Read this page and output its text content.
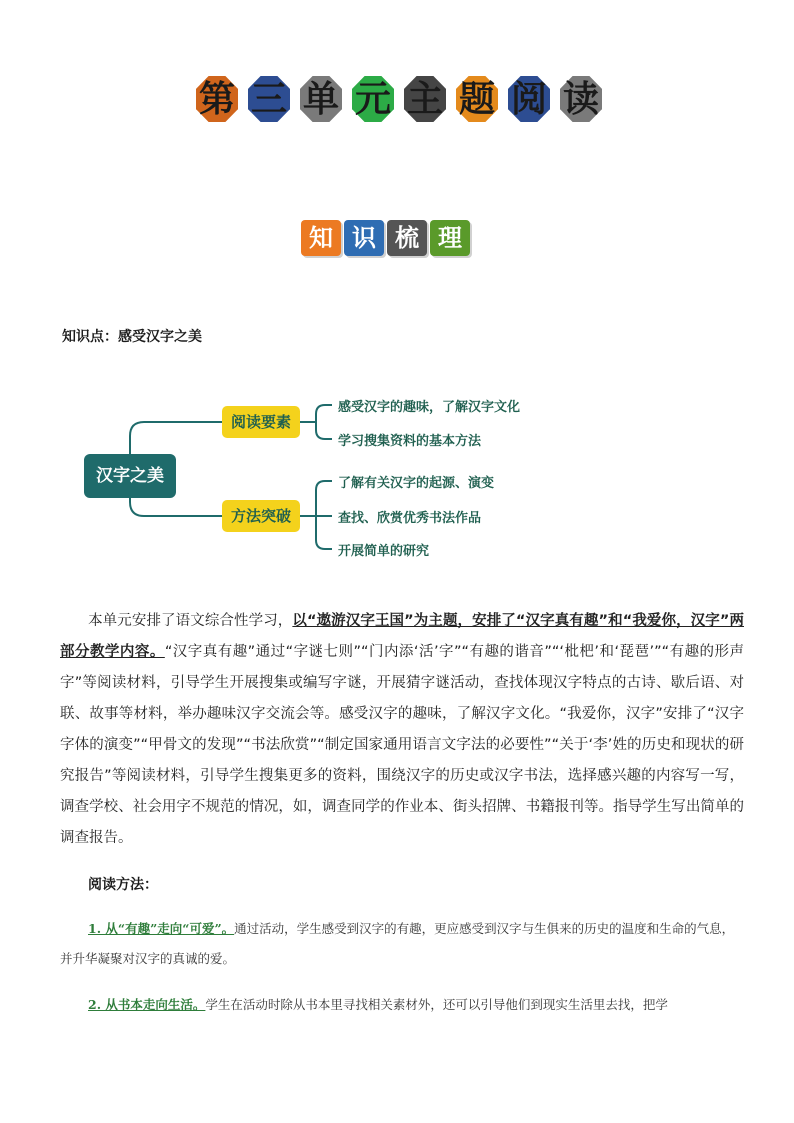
第 三 单 元 主 题 阅 读
知 识 梳 理
知识点：感受汉字之美
汉字之美
阅读要素
方法突破
感受汉字的趣味，了解汉字文化
学习搜集资料的基本方法
了解有关汉字的起源、演变
查找、欣赏优秀书法作品
开展简单的研究
本单元安排了语文综合性学习，以“遨游汉字王国”为主题，安排了“汉字真有趣”和“我爱你，汉字”两部分教学内容。“汉字真有趣”通过“字谜七则”“门内添‘活’字”“有趣的谐音”“‘枇杷’和‘琵琶’”“有趣的形声字”等阅读材料，引导学生开展搜集或编写字谜，开展猜字谜活动，查找体现汉字特点的古诗、歇后语、对联、故事等材料，举办趣味汉字交流会等。感受汉字的趣味，了解汉字文化。“我爱你，汉字”安排了“汉字字体的演变”“甲骨文的发现”“书法欣赏”“制定国家通用语言文字法的必要性”“关于‘李’姓的历史和现状的研究报告”等阅读材料，引导学生搜集更多的资料，围绕汉字的历史或汉字书法，选择感兴趣的内容写一写，调查学校、社会用字不规范的情况，如，调查同学的作业本、街头招牌、书籍报刊等。指导学生写出简单的调查报告。
阅读方法：
1. 从“有趣”走向“可爱”。通过活动，学生感受到汉字的有趣，更应感受到汉字与生俱来的历史的温度和生命的气息，并升华凝聚对汉字的真诚的爱。
2. 从书本走向生活。学生在活动时除从书本里寻找相关素材外，还可以引导他们到现实生活里去找，把学
